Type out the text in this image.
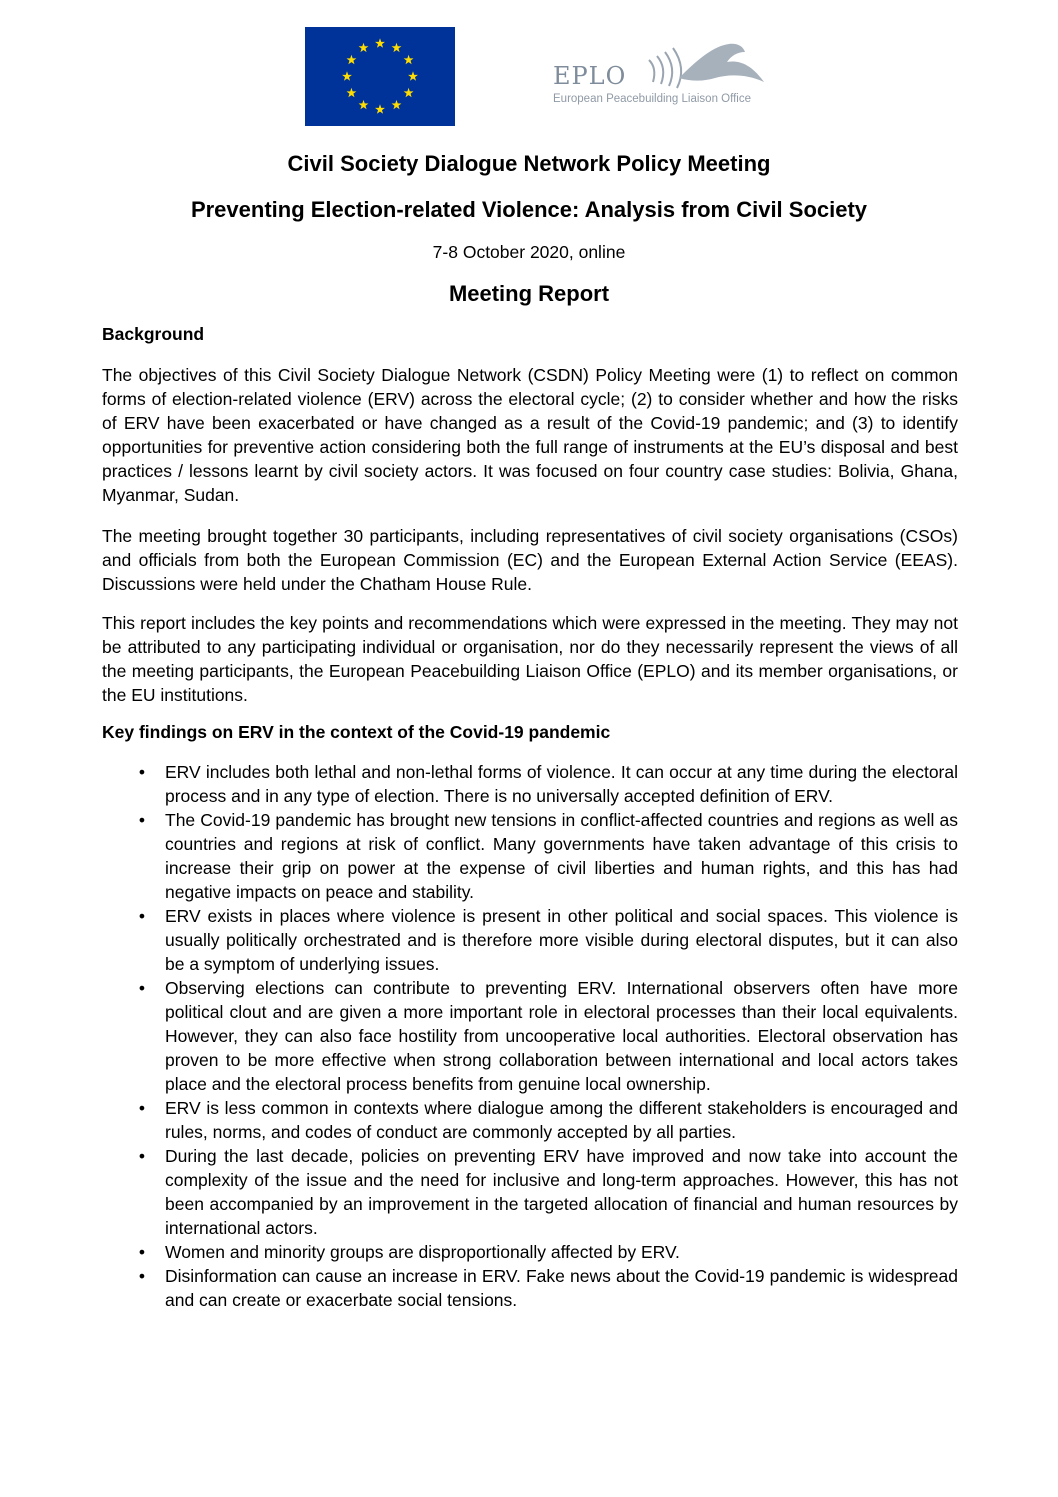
EPLO
European Peacebuilding Liaison Office
Civil Society Dialogue Network Policy Meeting
Preventing Election-related Violence: Analysis from Civil Society
7-8 October 2020, online
Meeting Report
Background
The objectives of this Civil Society Dialogue Network (CSDN) Policy Meeting were (1) to reflect on common forms of election-related violence (ERV) across the electoral cycle; (2) to consider whether and how the risks of ERV have been exacerbated or have changed as a result of the Covid-19 pandemic; and (3) to identify opportunities for preventive action considering both the full range of instruments at the EU’s disposal and best practices / lessons learnt by civil society actors. It was focused on four country case studies: Bolivia, Ghana, Myanmar, Sudan.
The meeting brought together 30 participants, including representatives of civil society organisations (CSOs) and officials from both the European Commission (EC) and the European External Action Service (EEAS). Discussions were held under the Chatham House Rule.
This report includes the key points and recommendations which were expressed in the meeting. They may not be attributed to any participating individual or organisation, nor do they necessarily represent the views of all the meeting participants, the European Peacebuilding Liaison Office (EPLO) and its member organisations, or the EU institutions.
Key findings on ERV in the context of the Covid-19 pandemic
• ERV includes both lethal and non-lethal forms of violence. It can occur at any time during the electoral process and in any type of election. There is no universally accepted definition of ERV.
• The Covid-19 pandemic has brought new tensions in conflict-affected countries and regions as well as countries and regions at risk of conflict. Many governments have taken advantage of this crisis to increase their grip on power at the expense of civil liberties and human rights, and this has had negative impacts on peace and stability.
• ERV exists in places where violence is present in other political and social spaces. This violence is usually politically orchestrated and is therefore more visible during electoral disputes, but it can also be a symptom of underlying issues.
• Observing elections can contribute to preventing ERV. International observers often have more political clout and are given a more important role in electoral processes than their local equivalents. However, they can also face hostility from uncooperative local authorities. Electoral observation has proven to be more effective when strong collaboration between international and local actors takes place and the electoral process benefits from genuine local ownership.
• ERV is less common in contexts where dialogue among the different stakeholders is encouraged and rules, norms, and codes of conduct are commonly accepted by all parties.
• During the last decade, policies on preventing ERV have improved and now take into account the complexity of the issue and the need for inclusive and long-term approaches. However, this has not been accompanied by an improvement in the targeted allocation of financial and human resources by international actors.
• Women and minority groups are disproportionally affected by ERV.
• Disinformation can cause an increase in ERV. Fake news about the Covid-19 pandemic is widespread and can create or exacerbate social tensions.
